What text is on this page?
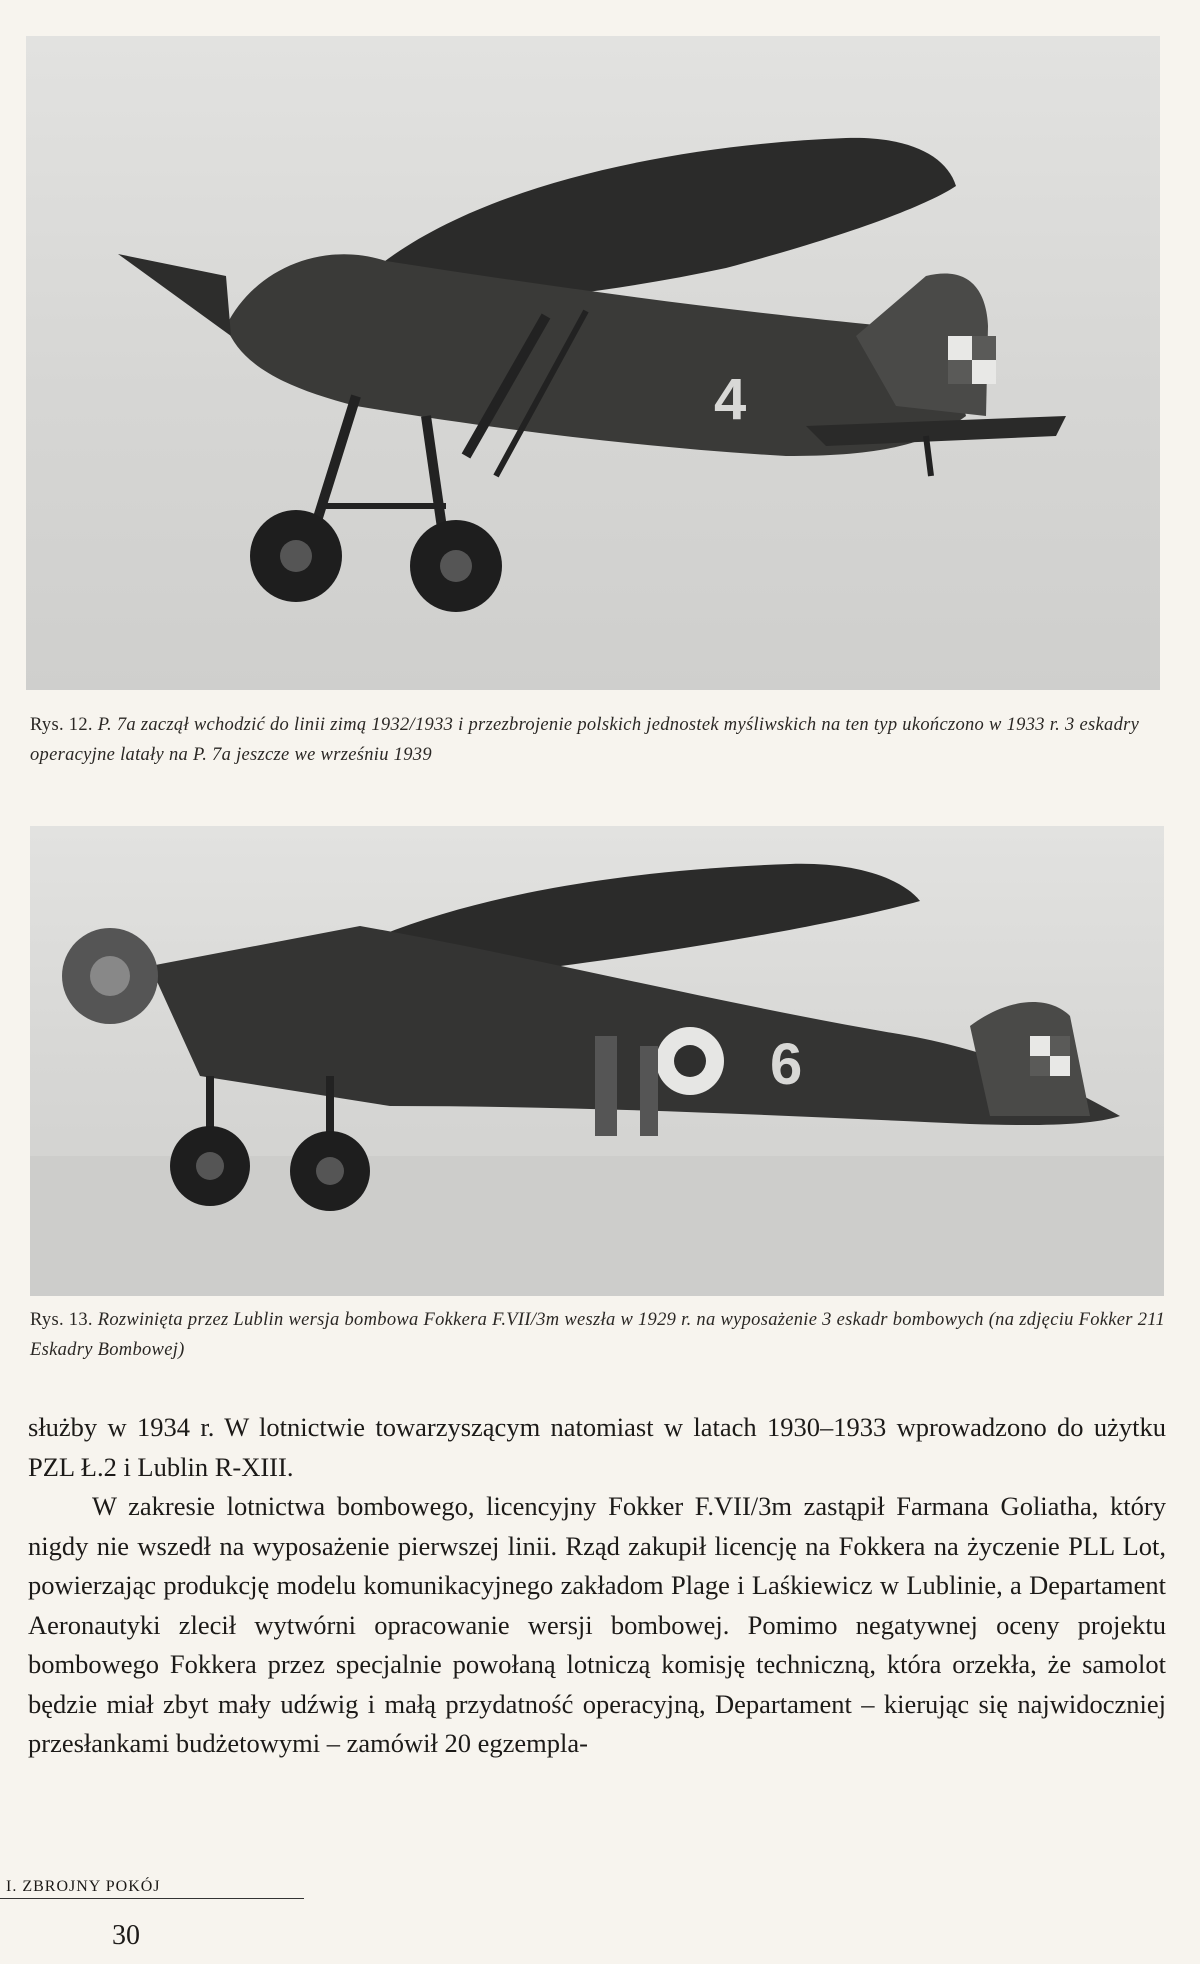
4
Rys. 12. P. 7a zaczął wchodzić do linii zimą 1932/1933 i przezbrojenie polskich jednostek myśliwskich na ten typ ukończono w 1933 r. 3 eskadry operacyjne latały na P. 7a jeszcze we wrześniu 1939
6
Rys. 13. Rozwinięta przez Lublin wersja bombowa Fokkera F.VII/3m weszła w 1929 r. na wyposażenie 3 eskadr bombowych (na zdjęciu Fokker 211 Eskadry Bombowej)

służby w 1934 r. W lotnictwie towarzyszącym natomiast w latach 1930–1933 wprowadzono do użytku PZL Ł.2 i Lublin R-XIII.

W zakresie lotnictwa bombowego, licencyjny Fokker F.VII/3m zastąpił Farmana Goliatha, który nigdy nie wszedł na wyposażenie pierwszej linii. Rząd zakupił licencję na Fokkera na życzenie PLL Lot, powierzając produkcję modelu komunikacyjnego zakładom Plage i Laśkiewicz w Lublinie, a Departament Aeronautyki zlecił wytwórni opracowanie wersji bombowej. Pomimo negatywnej oceny projektu bombowego Fokkera przez specjalnie powołaną lotniczą komisję techniczną, która orzekła, że samolot będzie miał zbyt mały udźwig i małą przydatność operacyjną, Departament – kierując się najwidoczniej przesłankami budżetowymi – zamówił 20 egzempla-

I. ZBROJNY POKÓJ
30
